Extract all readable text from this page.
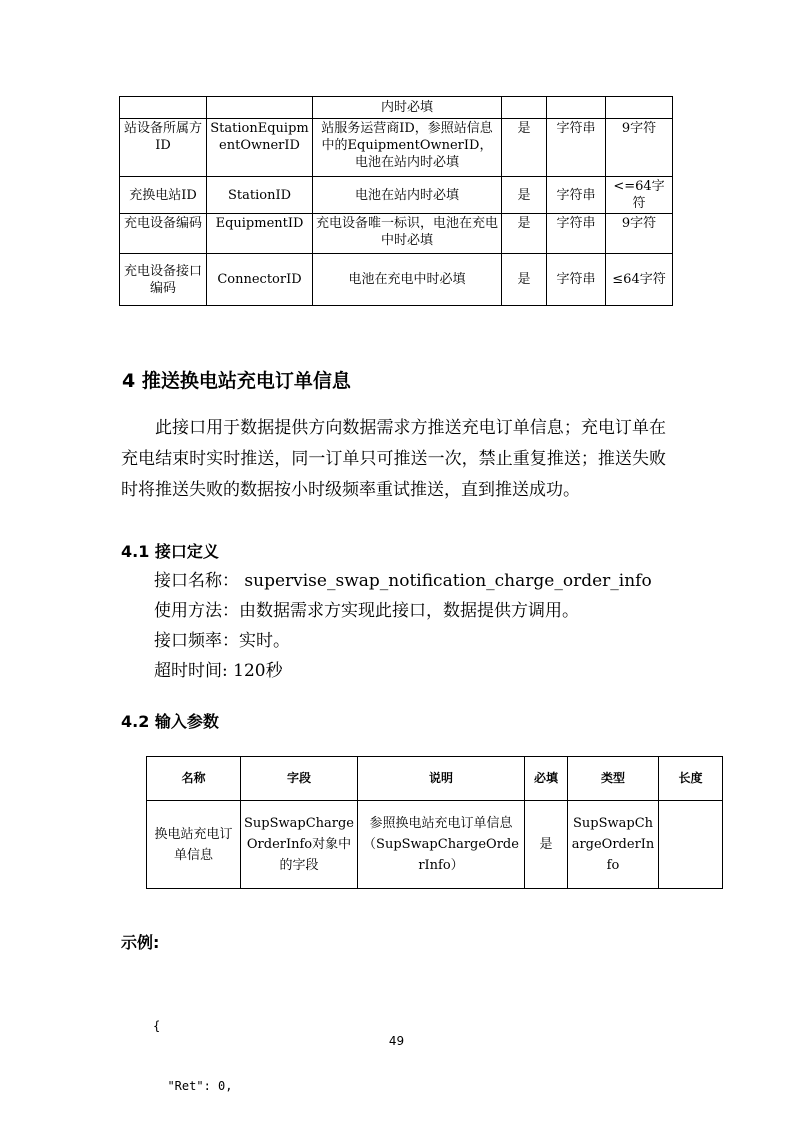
		内时必填			
站设备所属方ID	StationEquipmentOwnerID	站服务运营商ID，参照站信息中的EquipmentOwnerID，电池在站内时必填	是	字符串	9字符
充换电站ID	StationID	电池在站内时必填	是	字符串	<=64字符
充电设备编码	EquipmentID	充电设备唯一标识，电池在充电中时必填	是	字符串	9字符
充电设备接口编码	ConnectorID	电池在充电中时必填	是	字符串	≤64字符
4 推送换电站充电订单信息

此接口用于数据提供方向数据需求方推送充电订单信息；充电订单在充电结束时实时推送，同一订单只可推送一次，禁止重复推送；推送失败时将推送失败的数据按小时级频率重试推送，直到推送成功。

4.1 接口定义
接口名称： supervise_swap_notification_charge_order_info
使用方法：由数据需求方实现此接口，数据提供方调用。
接口频率：实时。
超时时间: 120秒
4.2 输入参数
名称	字段	说明	必填	类型	长度
换电站充电订单信息	SupSwapChargeOrderInfo对象中的字段	参照换电站充电订单信息（SupSwapChargeOrderInfo）	是	SupSwapChargeOrderInfo	
示例:

{

"Ret": 0,

49
